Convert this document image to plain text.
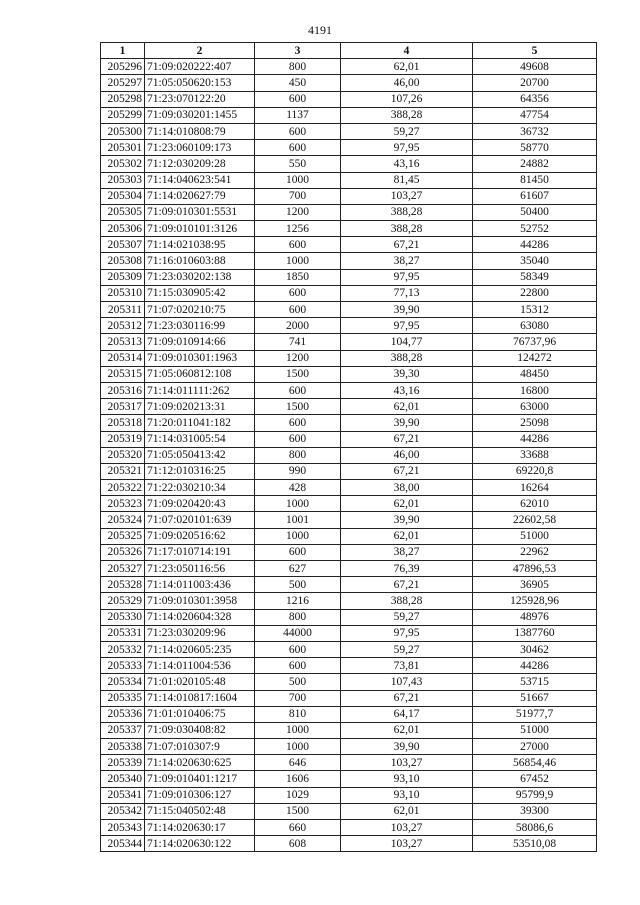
4191
1	2	3	4	5
205296	71:09:020222:407	800	62,01	49608
205297	71:05:050620:153	450	46,00	20700
205298	71:23:070122:20	600	107,26	64356
205299	71:09:030201:1455	1137	388,28	47754
205300	71:14:010808:79	600	59,27	36732
205301	71:23:060109:173	600	97,95	58770
205302	71:12:030209:28	550	43,16	24882
205303	71:14:040623:541	1000	81,45	81450
205304	71:14:020627:79	700	103,27	61607
205305	71:09:010301:5531	1200	388,28	50400
205306	71:09:010101:3126	1256	388,28	52752
205307	71:14:021038:95	600	67,21	44286
205308	71:16:010603:88	1000	38,27	35040
205309	71:23:030202:138	1850	97,95	58349
205310	71:15:030905:42	600	77,13	22800
205311	71:07:020210:75	600	39,90	15312
205312	71:23:030116:99	2000	97,95	63080
205313	71:09:010914:66	741	104,77	76737,96
205314	71:09:010301:1963	1200	388,28	124272
205315	71:05:060812:108	1500	39,30	48450
205316	71:14:011111:262	600	43,16	16800
205317	71:09:020213:31	1500	62,01	63000
205318	71:20:011041:182	600	39,90	25098
205319	71:14:031005:54	600	67,21	44286
205320	71:05:050413:42	800	46,00	33688
205321	71:12:010316:25	990	67,21	69220,8
205322	71:22:030210:34	428	38,00	16264
205323	71:09:020420:43	1000	62,01	62010
205324	71:07:020101:639	1001	39,90	22602,58
205325	71:09:020516:62	1000	62,01	51000
205326	71:17:010714:191	600	38,27	22962
205327	71:23:050116:56	627	76,39	47896,53
205328	71:14:011003:436	500	67,21	36905
205329	71:09:010301:3958	1216	388,28	125928,96
205330	71:14:020604:328	800	59,27	48976
205331	71:23:030209:96	44000	97,95	1387760
205332	71:14:020605:235	600	59,27	30462
205333	71:14:011004:536	600	73,81	44286
205334	71:01:020105:48	500	107,43	53715
205335	71:14:010817:1604	700	67,21	51667
205336	71:01:010406:75	810	64,17	51977,7
205337	71:09:030408:82	1000	62,01	51000
205338	71:07:010307:9	1000	39,90	27000
205339	71:14:020630:625	646	103,27	56854,46
205340	71:09:010401:1217	1606	93,10	67452
205341	71:09:010306:127	1029	93,10	95799,9
205342	71:15:040502:48	1500	62,01	39300
205343	71:14:020630:17	660	103,27	58086,6
205344	71:14:020630:122	608	103,27	53510,08
